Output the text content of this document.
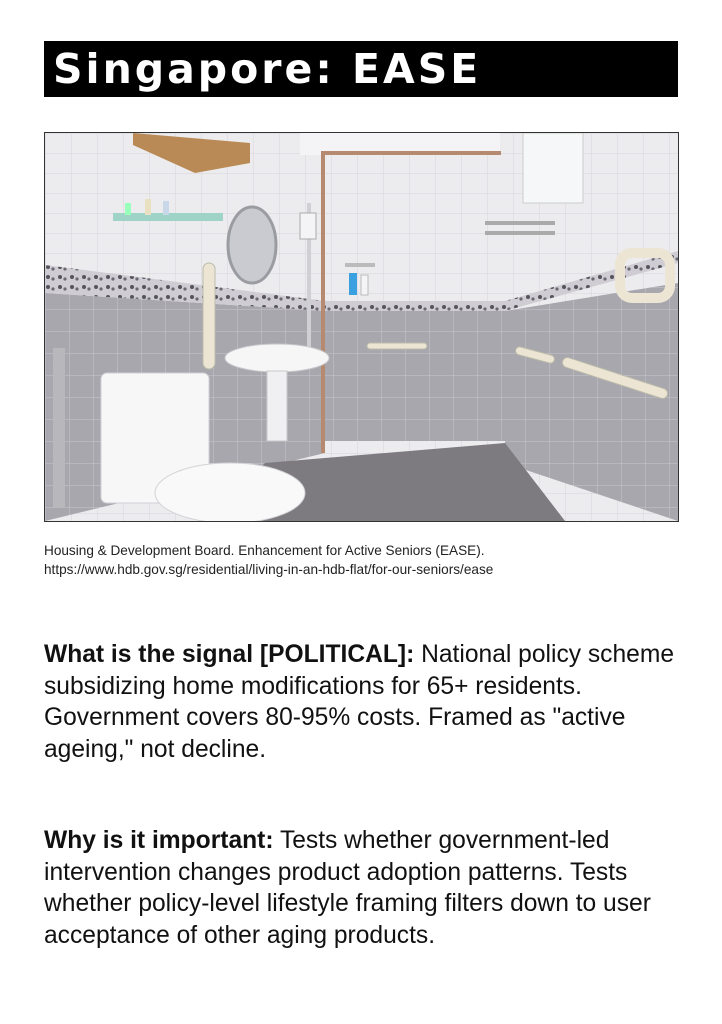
Singapore: EASE
Housing & Development Board. Enhancement for Active Seniors (EASE).
https://www.hdb.gov.sg/residential/living-in-an-hdb-flat/for-our-seniors/ease
What is the signal [POLITICAL]: National policy scheme subsidizing home modifications for 65+ residents. Government covers 80-95% costs. Framed as "active ageing," not decline.
Why is it important: Tests whether government-led intervention changes product adoption patterns. Tests whether policy-level lifestyle framing filters down to user acceptance of other aging products.
